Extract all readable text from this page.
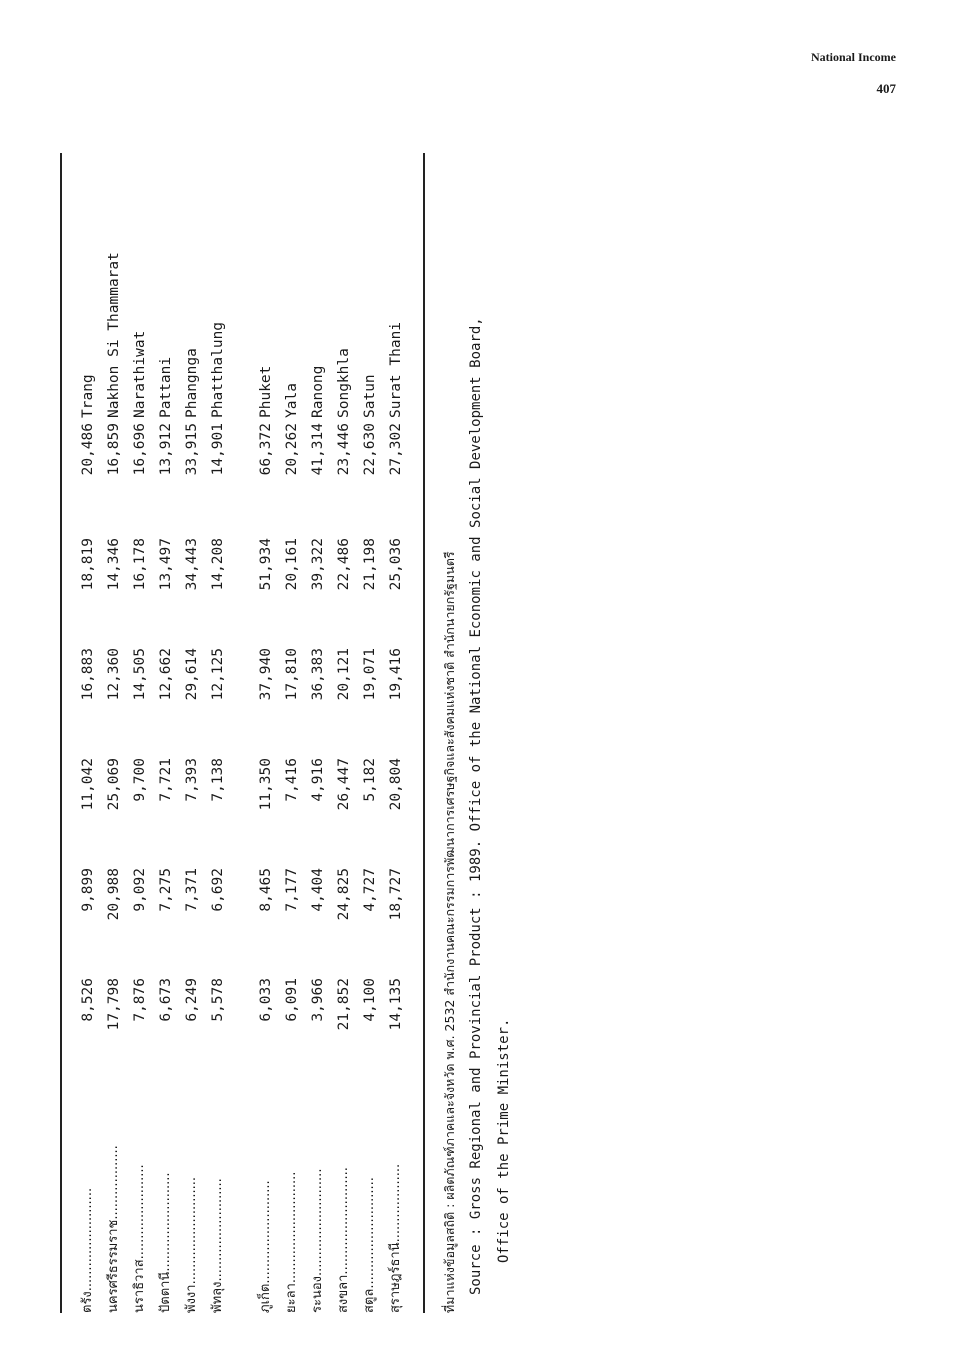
National Income
407
ตรัง.........................
8,526
9,899
11,042
16,883
18,819
20,486
Trang
นครศรีธรรมราช..................
17,798
20,988
25,069
12,360
14,346
16,859
Nakhon Si Thammarat
นราธิวาส.......................
7,876
9,092
9,700
14,505
16,178
16,696
Narathiwat
ปัตตานี........................
6,673
7,275
7,721
12,662
13,497
13,912
Pattani
พังงา..........................
6,249
7,371
7,393
29,614
34,443
33,915
Phangnga
พัทลุง.........................
5,578
6,692
7,138
12,125
14,208
14,901
Phatthalung
ภูเก็ต.........................
6,033
8,465
11,350
37,940
51,934
66,372
Phuket
ยะลา...........................
6,091
7,177
7,416
17,810
20,161
20,262
Yala
ระนอง..........................
3,966
4,404
4,916
36,383
39,322
41,314
Ranong
สงขลา..........................
21,852
24,825
26,447
20,121
22,486
23,446
Songkhla
สตูล...........................
4,100
4,727
5,182
19,071
21,198
22,630
Satun
สุราษฎร์ธานี...................
14,135
18,727
20,804
19,416
25,036
27,302
Surat Thani
ที่มาแห่งข้อมูลสถิติ : ผลิตภัณฑ์ภาคและจังหวัด พ.ศ. 2532 สำนักงานคณะกรรมการพัฒนาการเศรษฐกิจและสังคมแห่งชาติ สำนักนายกรัฐมนตรี Source : Gross Regional and Provincial Product : 1989. Office of the National Economic and Social Development Board, Office of the Prime Minister.
